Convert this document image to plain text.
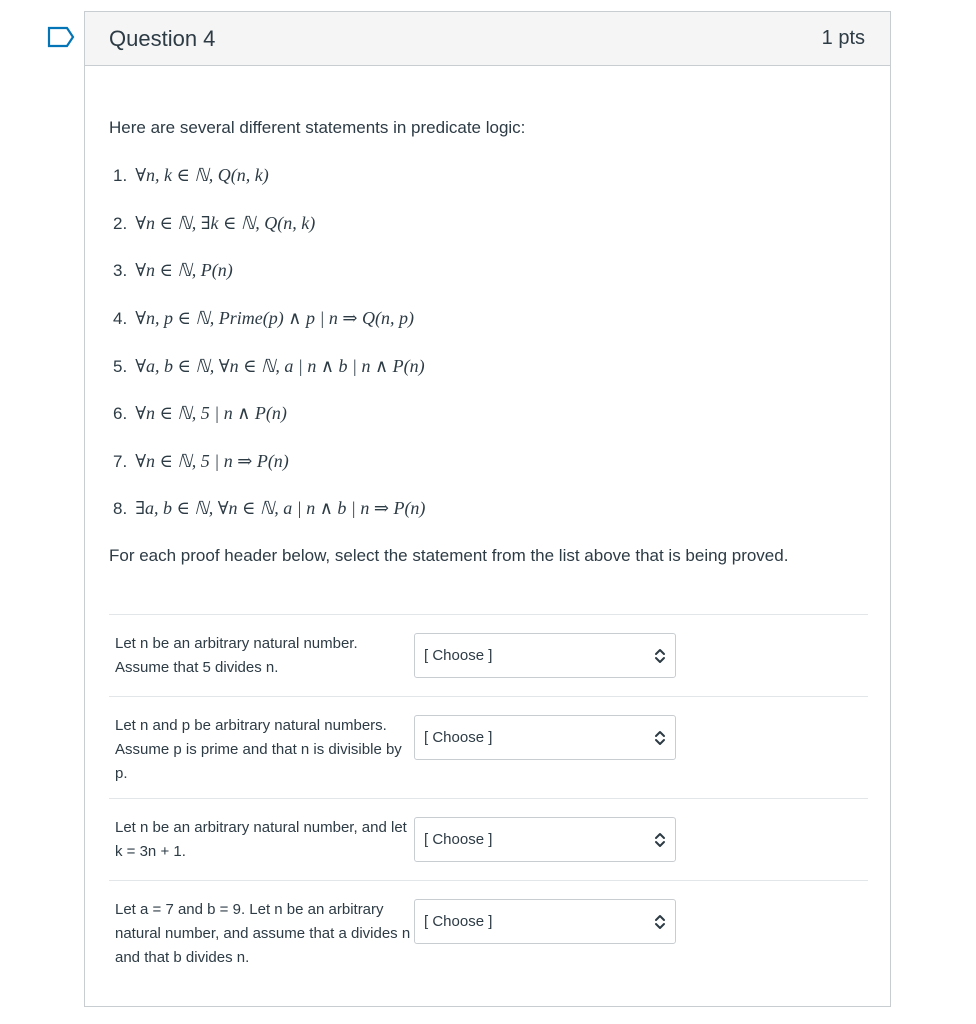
Question 4	1 pts
Here are several different statements in predicate logic:
1. ∀n, k ∈ ℕ, Q(n, k)
2. ∀n ∈ ℕ, ∃k ∈ ℕ, Q(n, k)
3. ∀n ∈ ℕ, P(n)
4. ∀n, p ∈ ℕ, Prime(p) ∧ p | n ⇒ Q(n, p)
5. ∀a, b ∈ ℕ, ∀n ∈ ℕ, a | n ∧ b | n ∧ P(n)
6. ∀n ∈ ℕ, 5 | n ∧ P(n)
7. ∀n ∈ ℕ, 5 | n ⇒ P(n)
8. ∃a, b ∈ ℕ, ∀n ∈ ℕ, a | n ∧ b | n ⇒ P(n)
For each proof header below, select the statement from the list above that is being proved.
Let n be an arbitrary natural number. Assume that 5 divides n.
[ Choose ]
Let n and p be arbitrary natural numbers. Assume p is prime and that n is divisible by p.
[ Choose ]
Let n be an arbitrary natural number, and let k = 3n + 1.
[ Choose ]
Let a = 7 and b = 9. Let n be an arbitrary natural number, and assume that a divides n and that b divides n.
[ Choose ]
